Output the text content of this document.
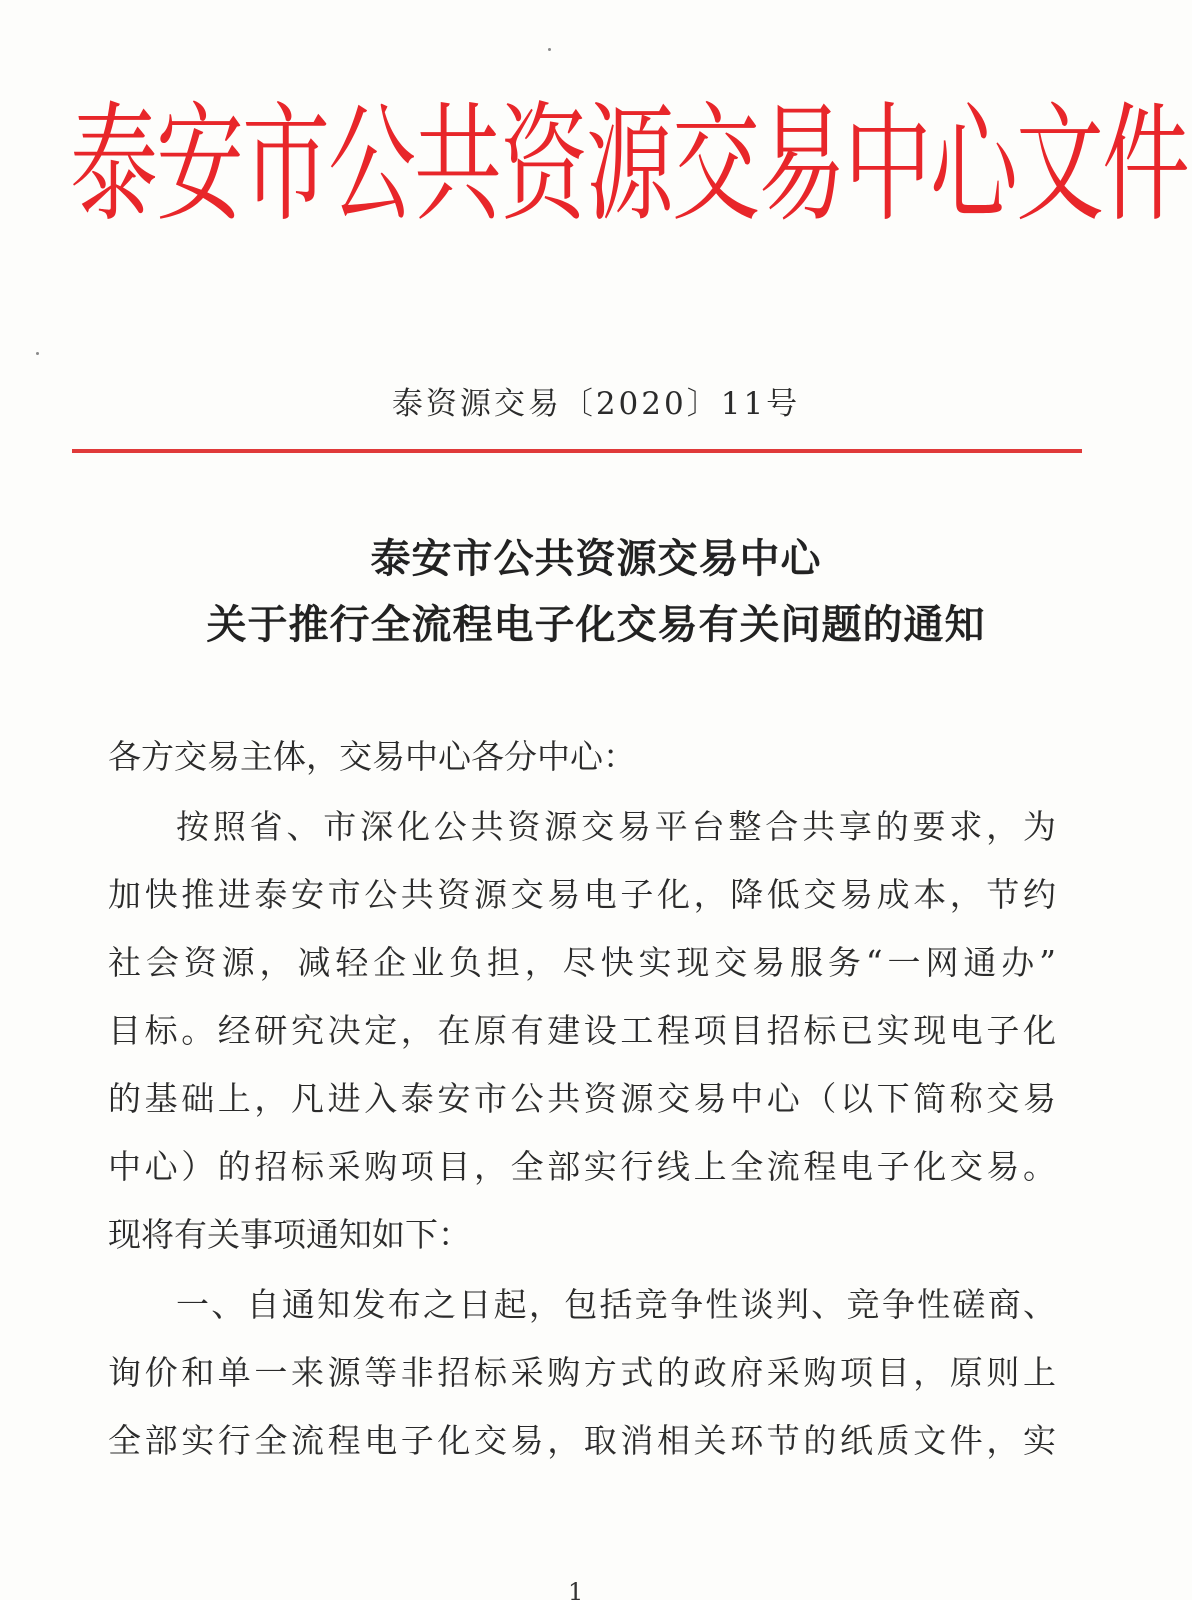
泰安市公共资源交易中心文件
泰资源交易〔2020〕11号
泰安市公共资源交易中心
关于推行全流程电子化交易有关问题的通知
各方交易主体，交易中心各分中心：
按照省、市深化公共资源交易平台整合共享的要求，为
加快推进泰安市公共资源交易电子化，降低交易成本，节约
社会资源，减轻企业负担，尽快实现交易服务“一网通办”
目标。经研究决定，在原有建设工程项目招标已实现电子化
的基础上，凡进入泰安市公共资源交易中心（以下简称交易
中心）的招标采购项目，全部实行线上全流程电子化交易。
现将有关事项通知如下：
一、自通知发布之日起，包括竞争性谈判、竞争性磋商、
询价和单一来源等非招标采购方式的政府采购项目，原则上
全部实行全流程电子化交易，取消相关环节的纸质文件，实
1
